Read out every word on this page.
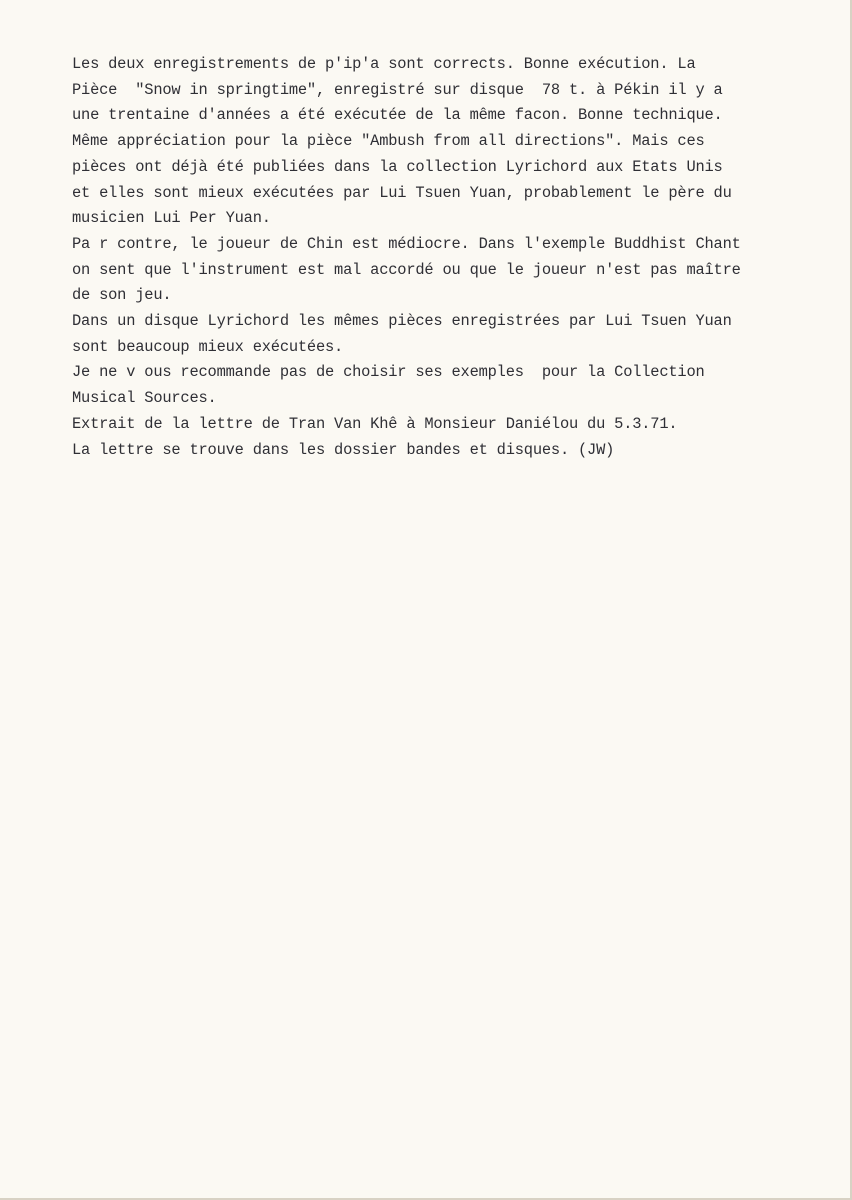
Les deux enregistrements de p'ip'a sont corrects. Bonne exécution. La
Pièce  "Snow in springtime", enregistré sur disque  78 t. à Pékin il y a
une trentaine d'années a été exécutée de la même facon. Bonne technique.
Même appréciation pour la pièce "Ambush from all directions". Mais ces
pièces ont déjà été publiées dans la collection Lyrichord aux Etats Unis
et elles sont mieux exécutées par Lui Tsuen Yuan, probablement le père du
musicien Lui Per Yuan.
Pa r contre, le joueur de Chin est médiocre. Dans l'exemple Buddhist Chant
on sent que l'instrument est mal accordé ou que le joueur n'est pas maître
de son jeu.
Dans un disque Lyrichord les mêmes pièces enregistrées par Lui Tsuen Yuan
sont beaucoup mieux exécutées.
Je ne v ous recommande pas de choisir ses exemples  pour la Collection
Musical Sources.
Extrait de la lettre de Tran Van Khê à Monsieur Daniélou du 5.3.71.
La lettre se trouve dans les dossier bandes et disques. (JW)
